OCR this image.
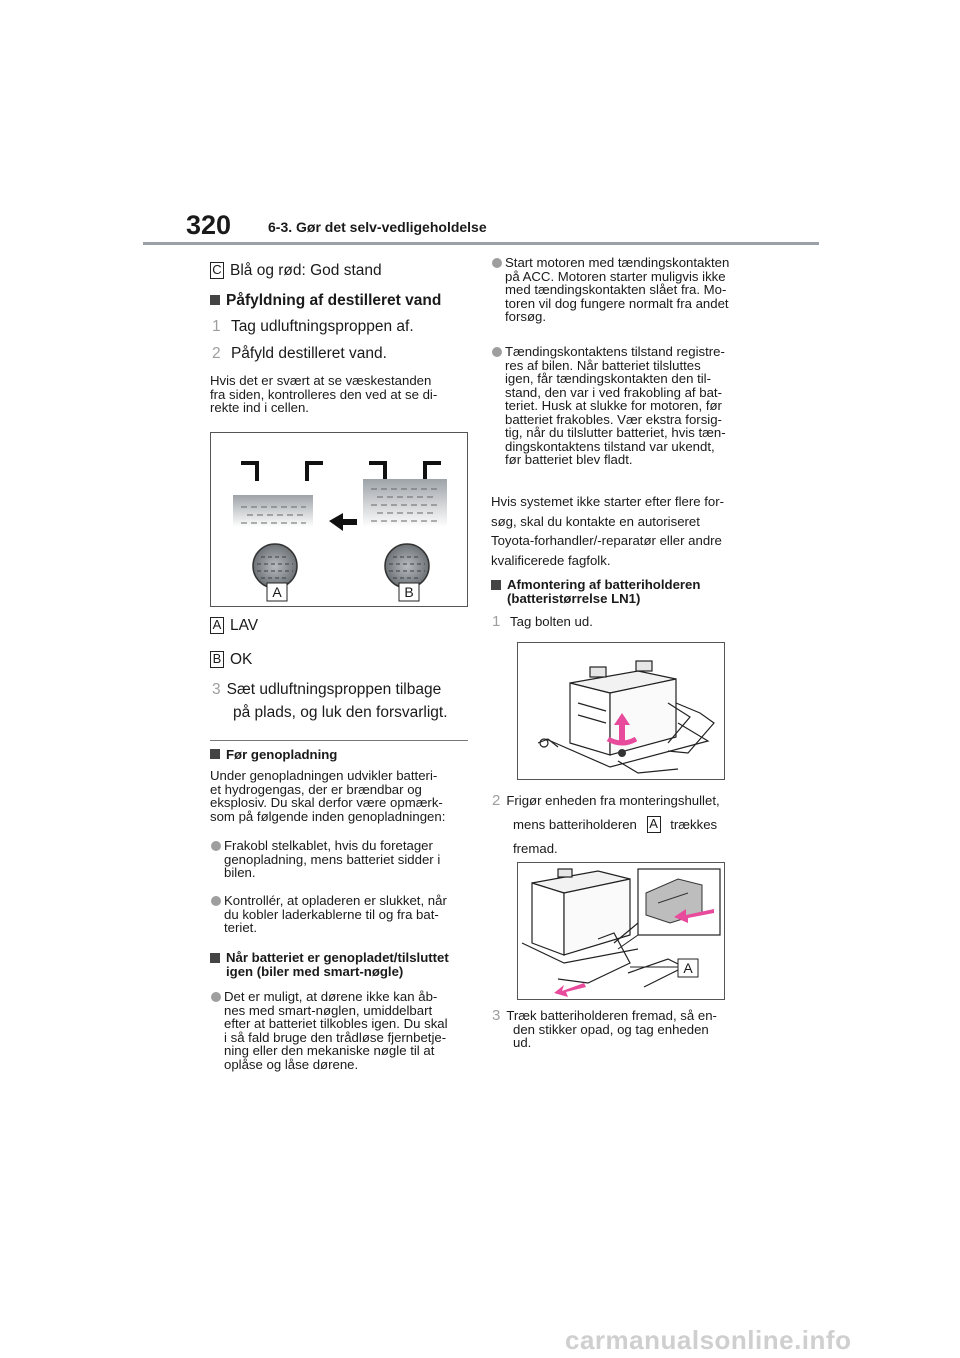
320	6-3. Gør det selv-vedligeholdelse
C Blå og rød: God stand
Påfyldning af destilleret vand
1 Tag udluftningsproppen af.
2 Påfyld destilleret vand.
Hvis det er svært at se væskestanden
fra siden, kontrolleres den ved at se di-
rekte ind i cellen.
A	B
A LAV
B OK
3 Sæt udluftningsproppen tilbage
på plads, og luk den forsvarligt.
Før genopladning
Under genopladningen udvikler batteri-
et hydrogengas, der er brændbar og
eksplosiv. Du skal derfor være opmærk-
som på følgende inden genopladningen:
Frakobl stelkablet, hvis du foretager
genopladning, mens batteriet sidder i
bilen.
Kontrollér, at opladeren er slukket, når
du kobler laderkablerne til og fra bat-
teriet.
Når batteriet er genopladet/tilsluttet
igen (biler med smart-nøgle)
Det er muligt, at dørene ikke kan åb-
nes med smart-nøglen, umiddelbart
efter at batteriet tilkobles igen. Du skal
i så fald bruge den trådløse fjernbetje-
ning eller den mekaniske nøgle til at
oplåse og låse dørene.
Start motoren med tændingskontakten
på ACC. Motoren starter muligvis ikke
med tændingskontakten slået fra. Mo-
toren vil dog fungere normalt fra andet
forsøg.
Tændingskontaktens tilstand registre-
res af bilen. Når batteriet tilsluttes
igen, får tændingskontakten den til-
stand, den var i ved frakobling af bat-
teriet. Husk at slukke for motoren, før
batteriet frakobles. Vær ekstra forsig-
tig, når du tilslutter batteriet, hvis tæn-
dingskontaktens tilstand var ukendt,
før batteriet blev fladt.
Hvis systemet ikke starter efter flere for-
søg, skal du kontakte en autoriseret
Toyota-forhandler/-reparatør eller andre
kvalificerede fagfolk.
Afmontering af batteriholderen
(batteristørrelse LN1)
1 Tag bolten ud.
2 Frigør enheden fra monteringshullet,
mens batteriholderen A trækkes
fremad.
A
3 Træk batteriholderen fremad, så en-
den stikker opad, og tag enheden
ud.
carmanualsonline.info
